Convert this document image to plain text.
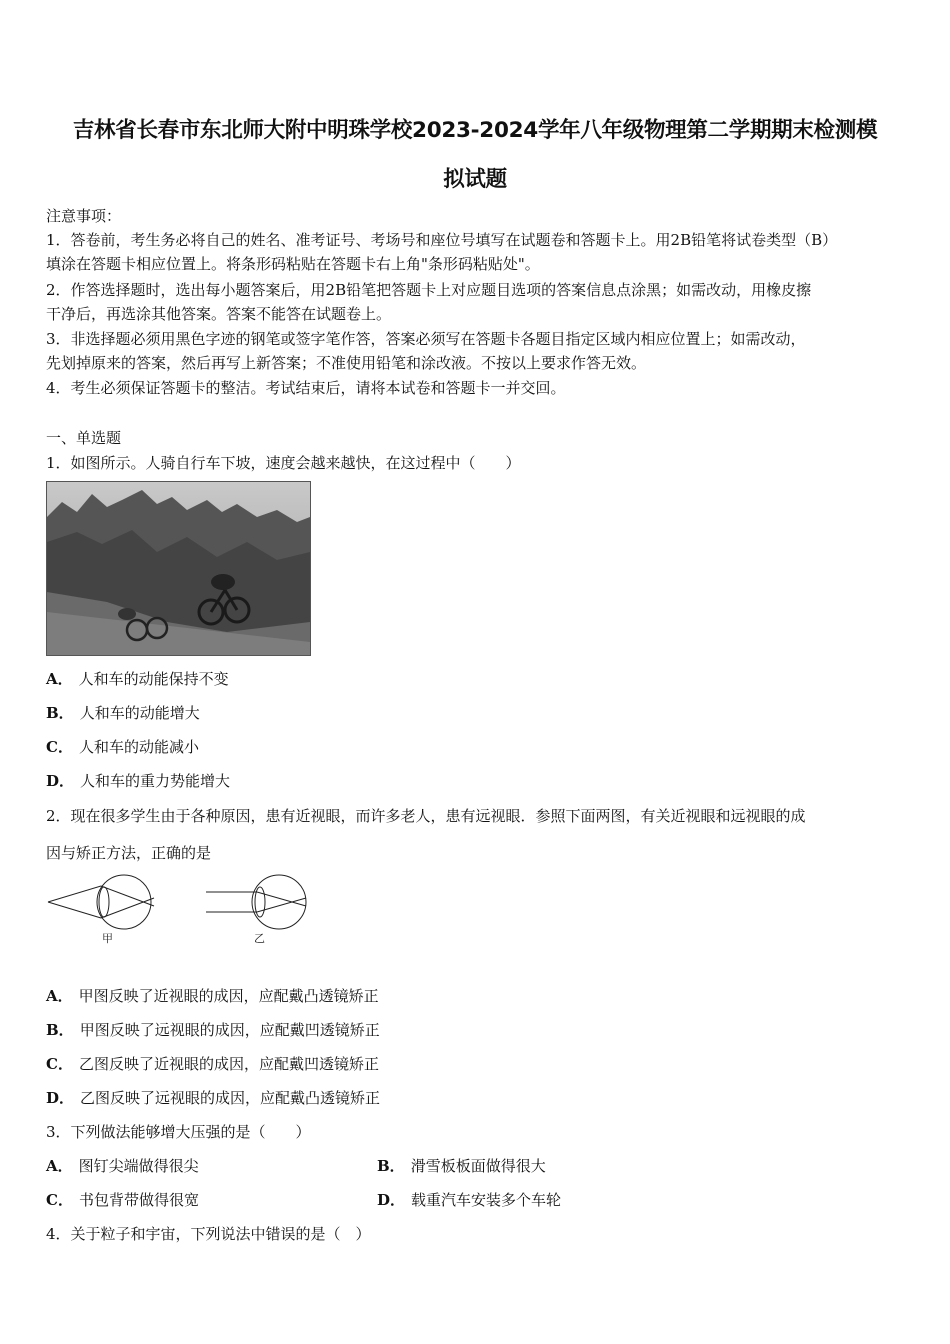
吉林省长春市东北师大附中明珠学校2023-2024学年八年级物理第二学期期末检测模
拟试题
注意事项：
1．答卷前，考生务必将自己的姓名、准考证号、考场号和座位号填写在试题卷和答题卡上。用2B铅笔将试卷类型（B）
填涂在答题卡相应位置上。将条形码粘贴在答题卡右上角"条形码粘贴处"。
2．作答选择题时，选出每小题答案后，用2B铅笔把答题卡上对应题目选项的答案信息点涂黑；如需改动，用橡皮擦
干净后，再选涂其他答案。答案不能答在试题卷上。
3．非选择题必须用黑色字迹的钢笔或签字笔作答，答案必须写在答题卡各题目指定区域内相应位置上；如需改动，
先划掉原来的答案，然后再写上新答案；不准使用铅笔和涂改液。不按以上要求作答无效。
4．考生必须保证答题卡的整洁。考试结束后，请将本试卷和答题卡一并交回。
一、单选题
1．如图所示。人骑自行车下坡，速度会越来越快，在这过程中（　　）
A． 人和车的动能保持不变
B． 人和车的动能增大
C． 人和车的动能减小
D． 人和车的重力势能增大
2．现在很多学生由于各种原因，患有近视眼，而许多老人，患有远视眼．参照下面两图，有关近视眼和远视眼的成
因与矫正方法，正确的是
甲	乙
A． 甲图反映了近视眼的成因，应配戴凸透镜矫正
B． 甲图反映了远视眼的成因，应配戴凹透镜矫正
C． 乙图反映了近视眼的成因，应配戴凹透镜矫正
D． 乙图反映了远视眼的成因，应配戴凸透镜矫正
3．下列做法能够增大压强的是（　　）
A． 图钉尖端做得很尖	B． 滑雪板板面做得很大
C． 书包背带做得很宽	D． 载重汽车安装多个车轮
4．关于粒子和宇宙，下列说法中错误的是（　）
